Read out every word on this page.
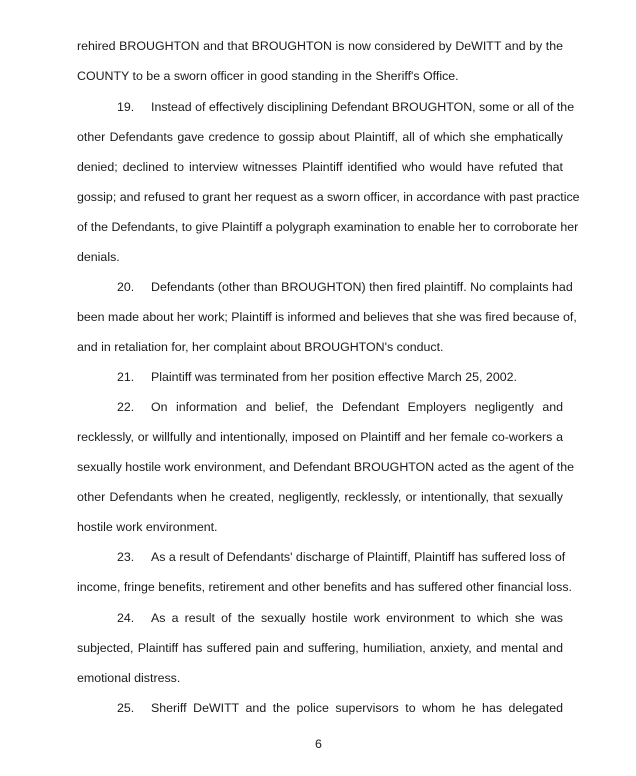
rehired BROUGHTON and that BROUGHTON is now considered by DeWITT and by the
COUNTY to be a sworn officer in good standing in the Sheriff's Office.
19. Instead of effectively disciplining Defendant BROUGHTON, some or all of the
other Defendants gave credence to gossip about Plaintiff, all of which she emphatically
denied; declined to interview witnesses Plaintiff identified who would have refuted that
gossip; and refused to grant her request as a sworn officer, in accordance with past practice
of the Defendants, to give Plaintiff a polygraph examination to enable her to corroborate her
denials.
20. Defendants (other than BROUGHTON) then fired plaintiff. No complaints had
been made about her work; Plaintiff is informed and believes that she was fired because of,
and in retaliation for, her complaint about BROUGHTON's conduct.
21. Plaintiff was terminated from her position effective March 25, 2002.
22. On information and belief, the Defendant Employers negligently and
recklessly, or willfully and intentionally, imposed on Plaintiff and her female co-workers a
sexually hostile work environment, and Defendant BROUGHTON acted as the agent of the
other Defendants when he created, negligently, recklessly, or intentionally, that sexually
hostile work environment.
23. As a result of Defendants' discharge of Plaintiff, Plaintiff has suffered loss of
income, fringe benefits, retirement and other benefits and has suffered other financial loss.
24. As a result of the sexually hostile work environment to which she was
subjected, Plaintiff has suffered pain and suffering, humiliation, anxiety, and mental and
emotional distress.
25. Sheriff DeWITT and the police supervisors to whom he has delegated
6
